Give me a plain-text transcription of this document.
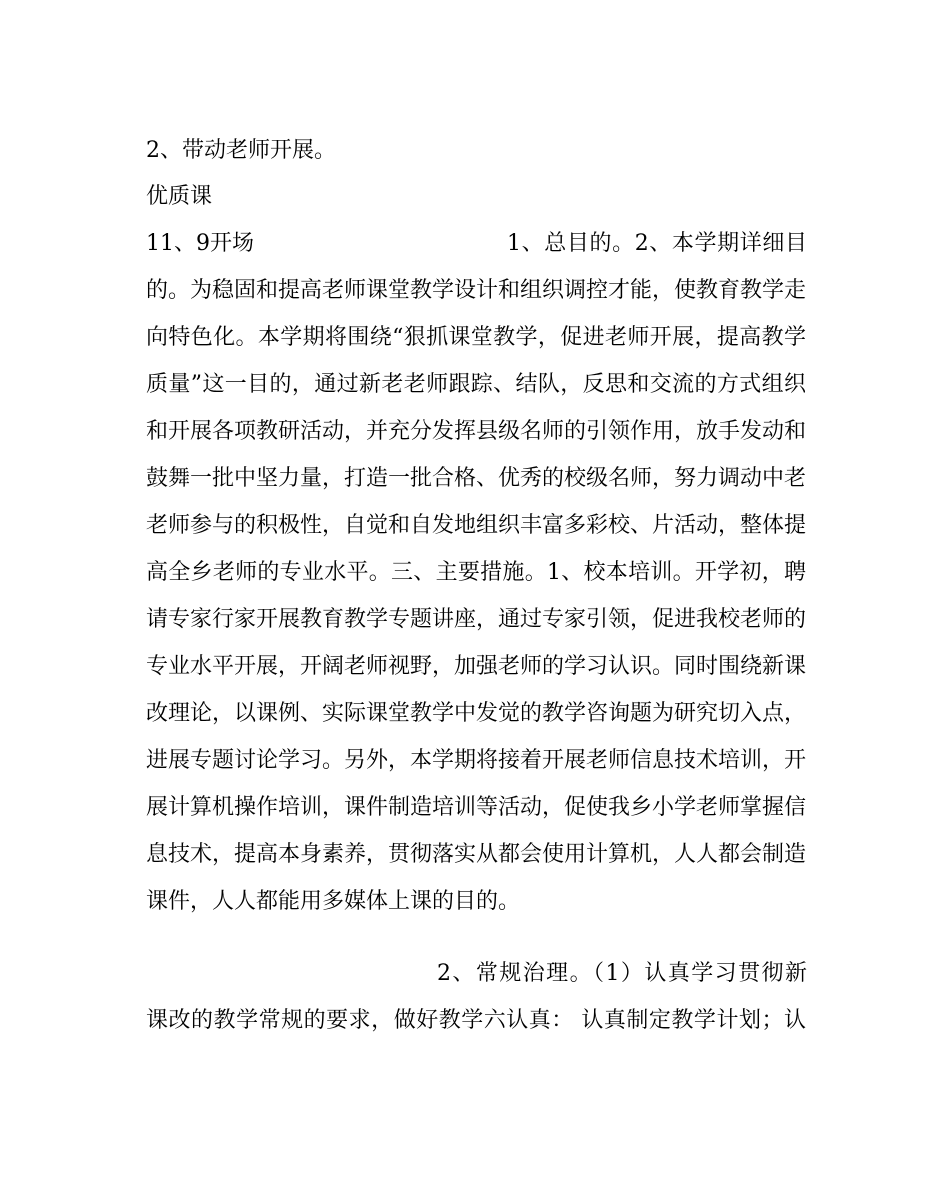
2、带动老师开展。
优质课
11、9开场	1、总目的。2、本学期详细目
的。为稳固和提高老师课堂教学设计和组织调控才能，使教育教学走
向特色化。本学期将围绕“狠抓课堂教学，促进老师开展，提高教学
质量”这一目的，通过新老老师跟踪、结队，反思和交流的方式组织
和开展各项教研活动，并充分发挥县级名师的引领作用，放手发动和
鼓舞一批中坚力量，打造一批合格、优秀的校级名师，努力调动中老
老师参与的积极性，自觉和自发地组织丰富多彩校、片活动，整体提
高全乡老师的专业水平。三、主要措施。1、校本培训。开学初，聘
请专家行家开展教育教学专题讲座，通过专家引领，促进我校老师的
专业水平开展，开阔老师视野，加强老师的学习认识。同时围绕新课
改理论，以课例、实际课堂教学中发觉的教学咨询题为研究切入点，
进展专题讨论学习。另外，本学期将接着开展老师信息技术培训，开
展计算机操作培训，课件制造培训等活动，促使我乡小学老师掌握信
息技术，提高本身素养，贯彻落实从都会使用计算机，人人都会制造
课件，人人都能用多媒体上课的目的。
2、常规治理。（1）认真学习贯彻新
课改的教学常规的要求，做好教学六认真： 认真制定教学计划；认
